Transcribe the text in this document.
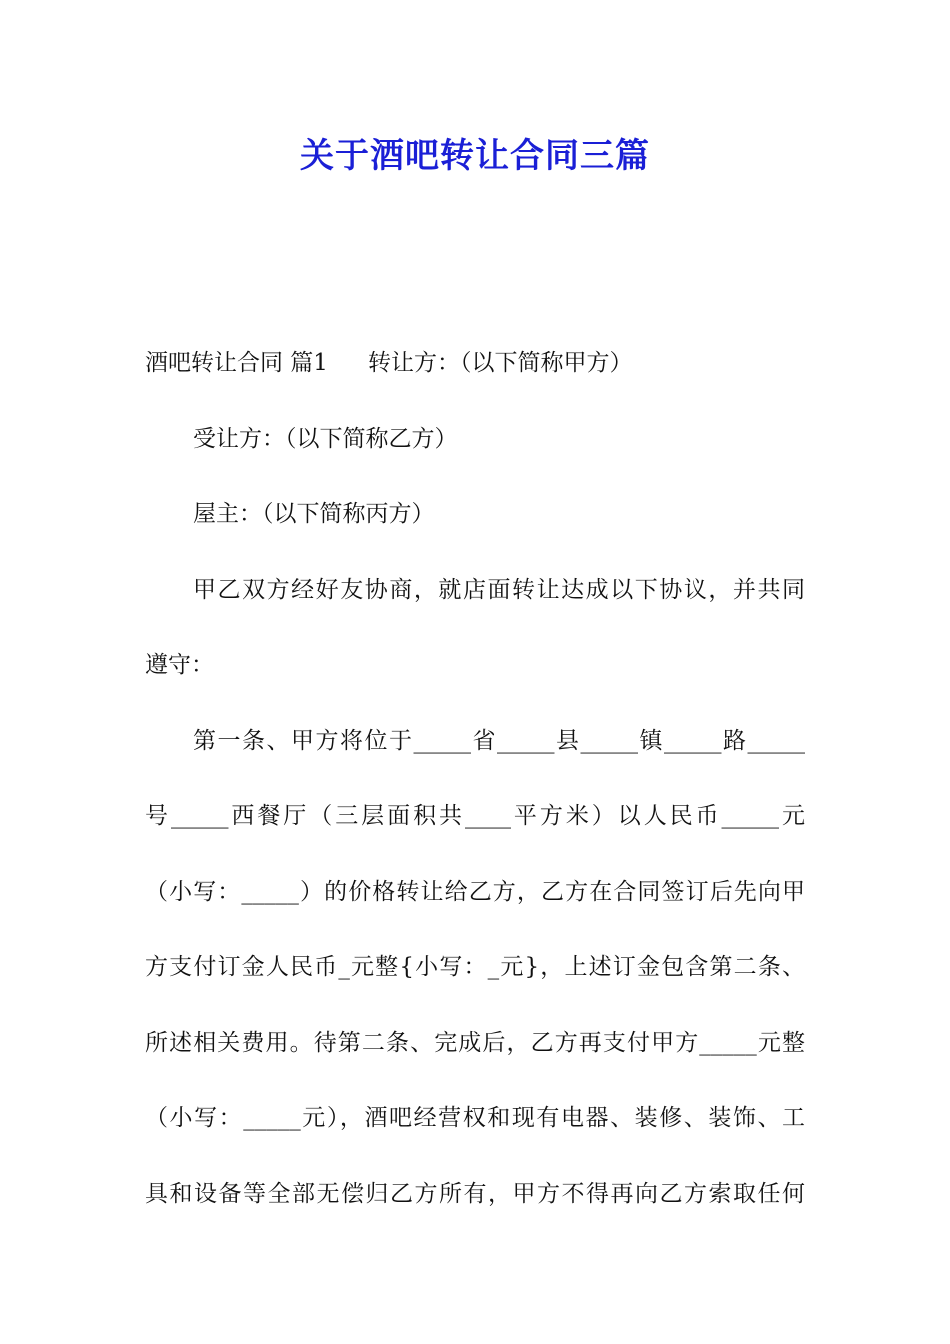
关于酒吧转让合同三篇

酒吧转让合同 篇1 转让方：（以下简称甲方）

受让方：（以下简称乙方）

屋主：（以下简称丙方）

甲乙双方经好友协商，就店面转让达成以下协议，并共同

遵守：

第一条、甲方将位于_____省_____县_____镇_____路_____
号_____西餐厅（三层面积共____平方米）以人民币_____元
（小写：_____）的价格转让给乙方，乙方在合同签订后先向甲
方支付订金人民币_元整{小写：_元}，上述订金包含第二条、
所述相关费用。待第二条、完成后，乙方再支付甲方_____元整
（小写：_____元），酒吧经营权和现有电器、装修、装饰、工
具和设备等全部无偿归乙方所有，甲方不得再向乙方索取任何
